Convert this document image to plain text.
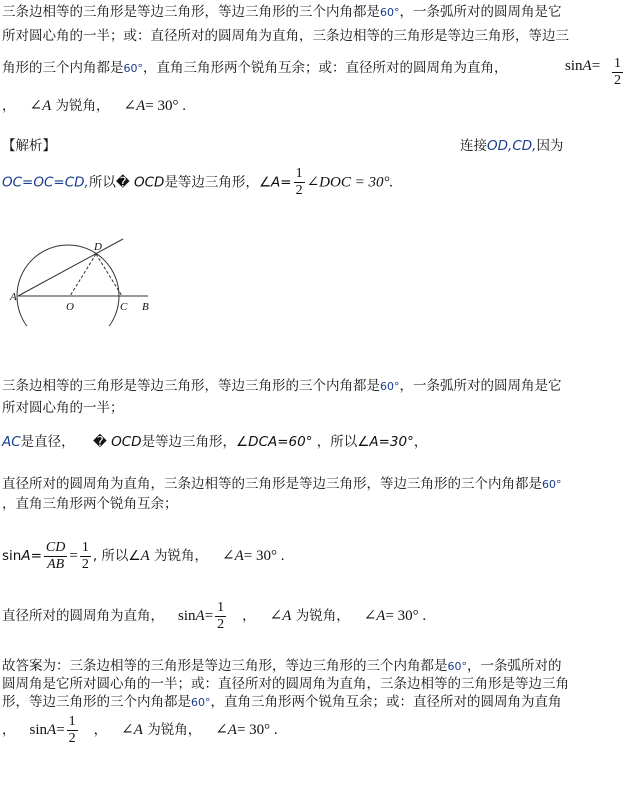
三条边相等的三角形是等边三角形，等边三角形的三个内角都是60°，一条弧所对的圆周角是它
所对圆心角的一半；或：直径所对的圆周角为直角，三条边相等的三角形是等边三角形，等边三
角形的三个内角都是60°，直角三角形两个锐角互余；或：直径所对的圆周角为直角，	$\sin A= \frac{1}{2}$
， ∠A 为锐角， ∠A= 30° .
【解析】	连接OD,CD,因为
OC=OC=CD,所以� OCD是等边三角形，∠A= $\frac{1}{2}$ ∠DOC = 30°.
A
D
O	C B
三条边相等的三角形是等边三角形，等边三角形的三个内角都是60°，一条弧所对的圆周角是它
所对圆心角的一半；
AC是直径， � OCD是等边三角形，∠DCA=60° ，所以∠A=30°，
直径所对的圆周角为直角，三条边相等的三角形是等边三角形，等边三角形的三个内角都是60°
，直角三角形两个锐角互余；
$\sin A= \frac{CD}{AB} = \frac{1}{2}$ , 所以∠A 为锐角， ∠A= 30° .
直径所对的圆周角为直角， $\sin A= \frac{1}{2}$ ， ∠A 为锐角， ∠A= 30° .
故答案为：三条边相等的三角形是等边三角形，等边三角形的三个内角都是60°，一条弧所对的
圆周角是它所对圆心角的一半；或：直径所对的圆周角为直角，三条边相等的三角形是等边三角
形，等边三角形的三个内角都是60°，直角三角形两个锐角互余；或：直径所对的圆周角为直角
， $\sin A= \frac{1}{2}$ ， ∠A 为锐角， ∠A= 30° .
